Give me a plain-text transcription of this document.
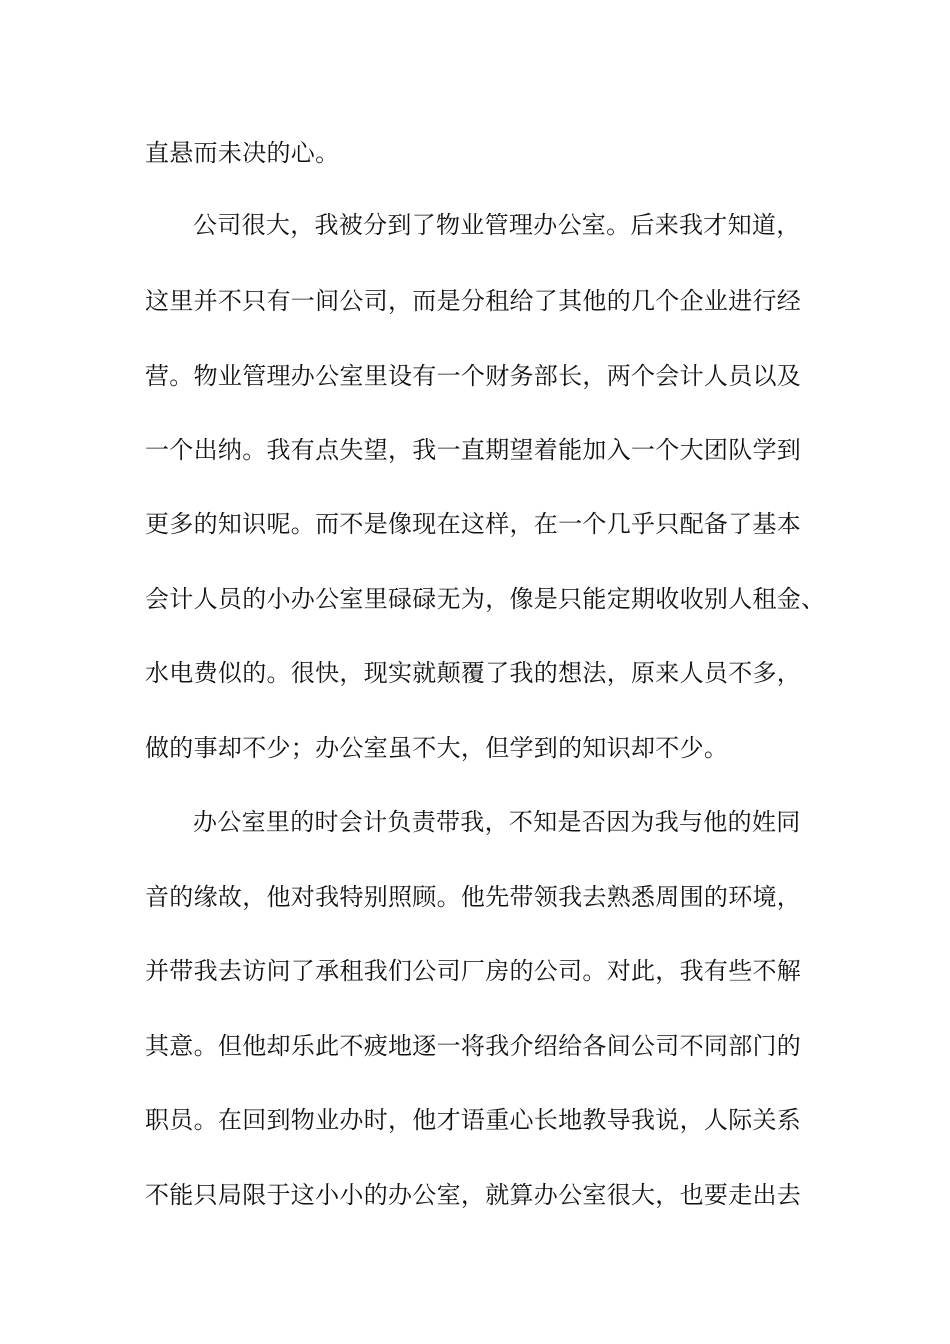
直悬而未决的心。
公司很大，我被分到了物业管理办公室。后来我才知道，
这里并不只有一间公司，而是分租给了其他的几个企业进行经
营。物业管理办公室里设有一个财务部长，两个会计人员以及
一个出纳。我有点失望，我一直期望着能加入一个大团队学到
更多的知识呢。而不是像现在这样，在一个几乎只配备了基本
会计人员的小办公室里碌碌无为，像是只能定期收收别人租金、
水电费似的。很快，现实就颠覆了我的想法，原来人员不多，
做的事却不少；办公室虽不大，但学到的知识却不少。
办公室里的时会计负责带我，不知是否因为我与他的姓同
音的缘故，他对我特别照顾。他先带领我去熟悉周围的环境，
并带我去访问了承租我们公司厂房的公司。对此，我有些不解
其意。但他却乐此不疲地逐一将我介绍给各间公司不同部门的
职员。在回到物业办时，他才语重心长地教导我说，人际关系
不能只局限于这小小的办公室，就算办公室很大，也要走出去
